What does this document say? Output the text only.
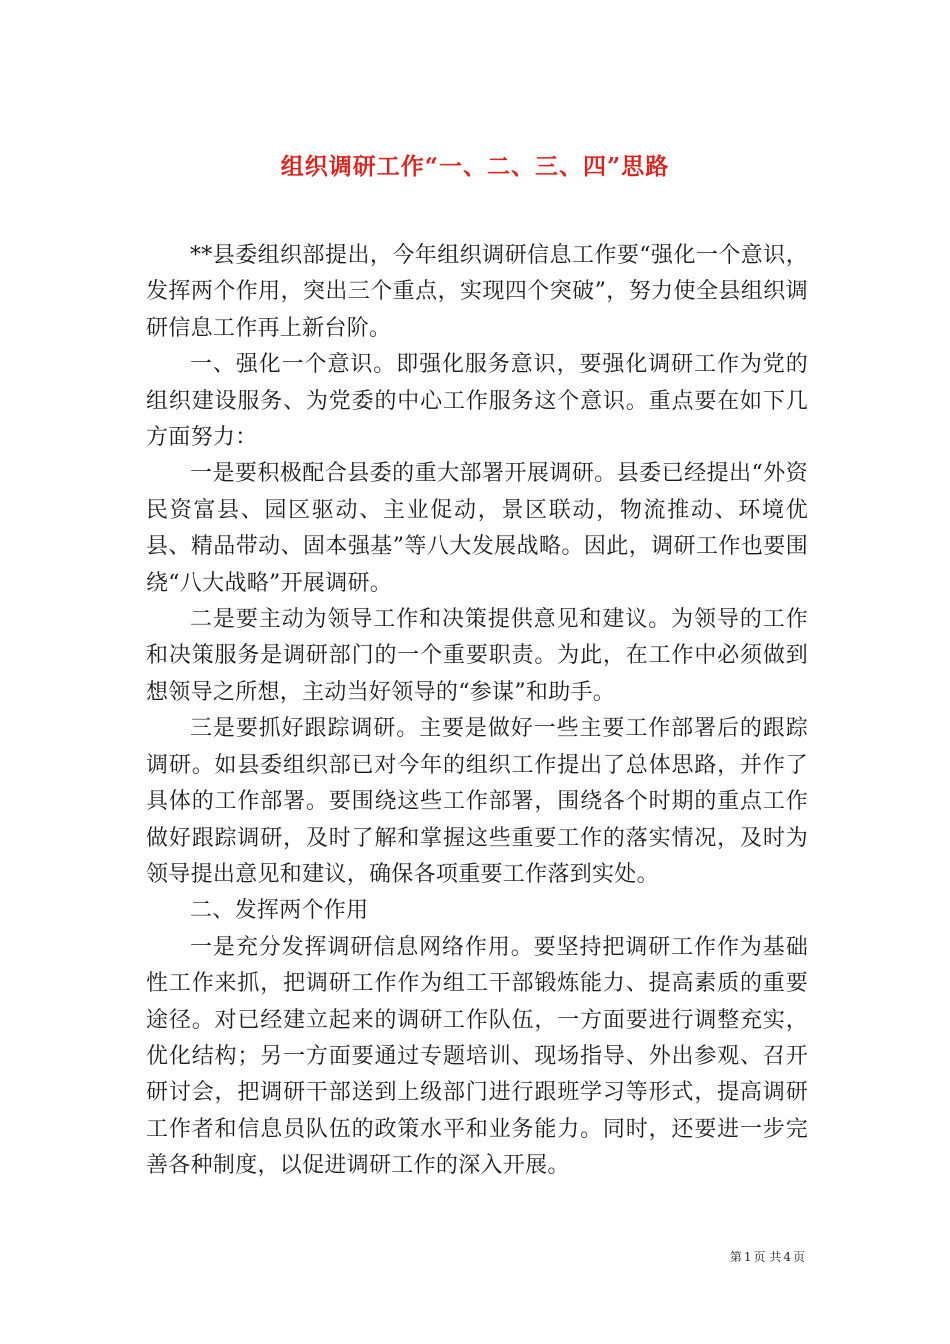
组织调研工作“一、二、三、四”思路

**县委组织部提出，今年组织调研信息工作要“强化一个意识，发挥两个作用，突出三个重点，实现四个突破”，努力使全县组织调研信息工作再上新台阶。

一、强化一个意识。即强化服务意识，要强化调研工作为党的组织建设服务、为党委的中心工作服务这个意识。重点要在如下几方面努力：

一是要积极配合县委的重大部署开展调研。县委已经提出“外资民资富县、园区驱动、主业促动，景区联动，物流推动、环境优县、精品带动、固本强基”等八大发展战略。因此，调研工作也要围绕“八大战略”开展调研。

二是要主动为领导工作和决策提供意见和建议。为领导的工作和决策服务是调研部门的一个重要职责。为此，在工作中必须做到想领导之所想，主动当好领导的“参谋”和助手。

三是要抓好跟踪调研。主要是做好一些主要工作部署后的跟踪调研。如县委组织部已对今年的组织工作提出了总体思路，并作了具体的工作部署。要围绕这些工作部署，围绕各个时期的重点工作做好跟踪调研，及时了解和掌握这些重要工作的落实情况，及时为领导提出意见和建议，确保各项重要工作落到实处。

二、发挥两个作用

一是充分发挥调研信息网络作用。要坚持把调研工作作为基础性工作来抓，把调研工作作为组工干部锻炼能力、提高素质的重要途径。对已经建立起来的调研工作队伍，一方面要进行调整充实，优化结构；另一方面要通过专题培训、现场指导、外出参观、召开研讨会，把调研干部送到上级部门进行跟班学习等形式，提高调研工作者和信息员队伍的政策水平和业务能力。同时，还要进一步完善各种制度，以促进调研工作的深入开展。

第 1 页 共 4 页
